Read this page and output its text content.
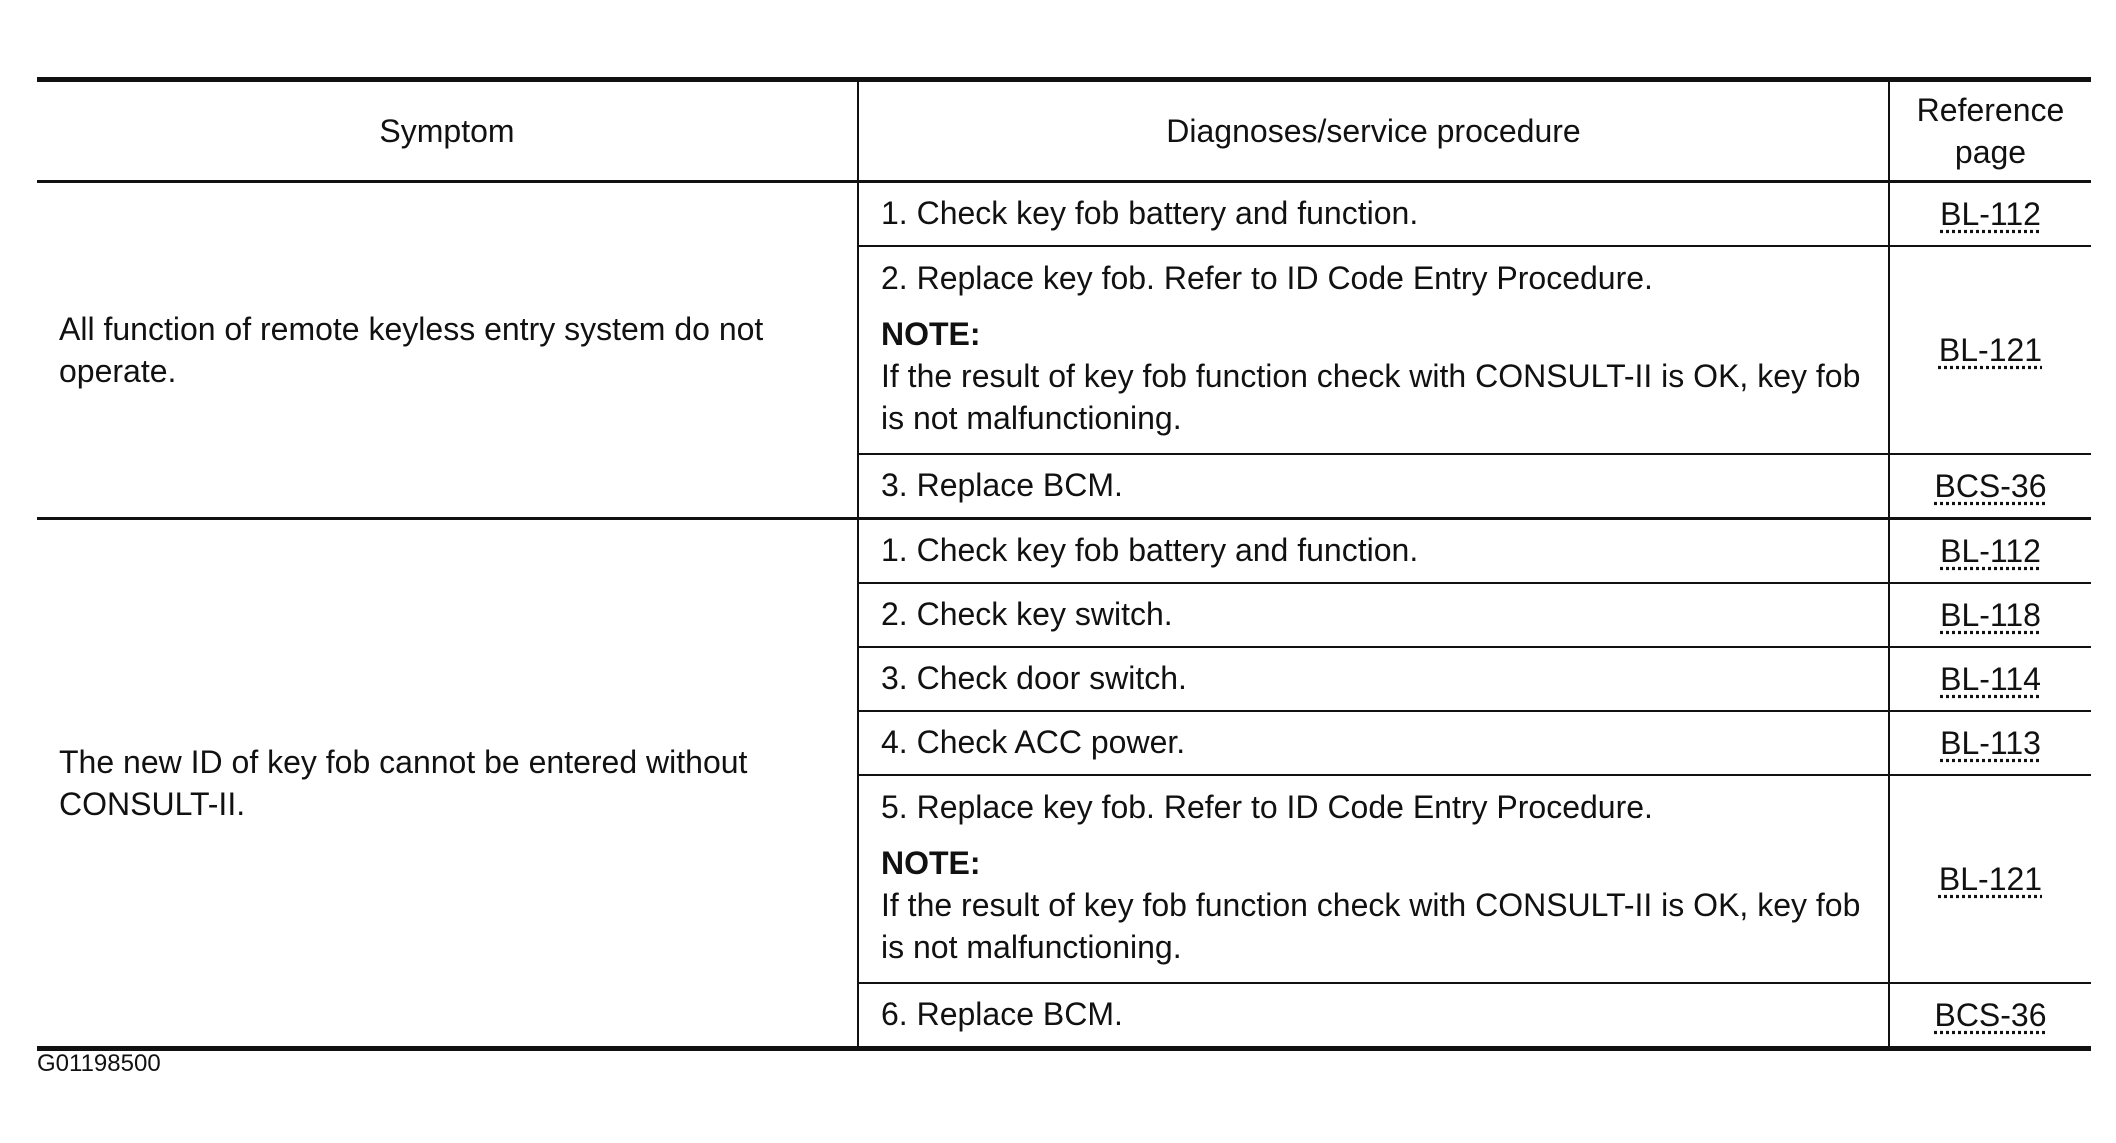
Symptom	Diagnoses/service procedure	Reference page
All function of remote keyless entry system do not operate.	1. Check key fob battery and function.	BL-112
	2. Replace key fob. Refer to ID Code Entry Procedure.
NOTE:
If the result of key fob function check with CONSULT-II is OK, key fob is not malfunctioning.	BL-121
	3. Replace BCM.	BCS-36
The new ID of key fob cannot be entered without CONSULT-II.	1. Check key fob battery and function.	BL-112
	2. Check key switch.	BL-118
	3. Check door switch.	BL-114
	4. Check ACC power.	BL-113
	5. Replace key fob. Refer to ID Code Entry Procedure.
NOTE:
If the result of key fob function check with CONSULT-II is OK, key fob is not malfunctioning.	BL-121
	6. Replace BCM.	BCS-36
G01198500
